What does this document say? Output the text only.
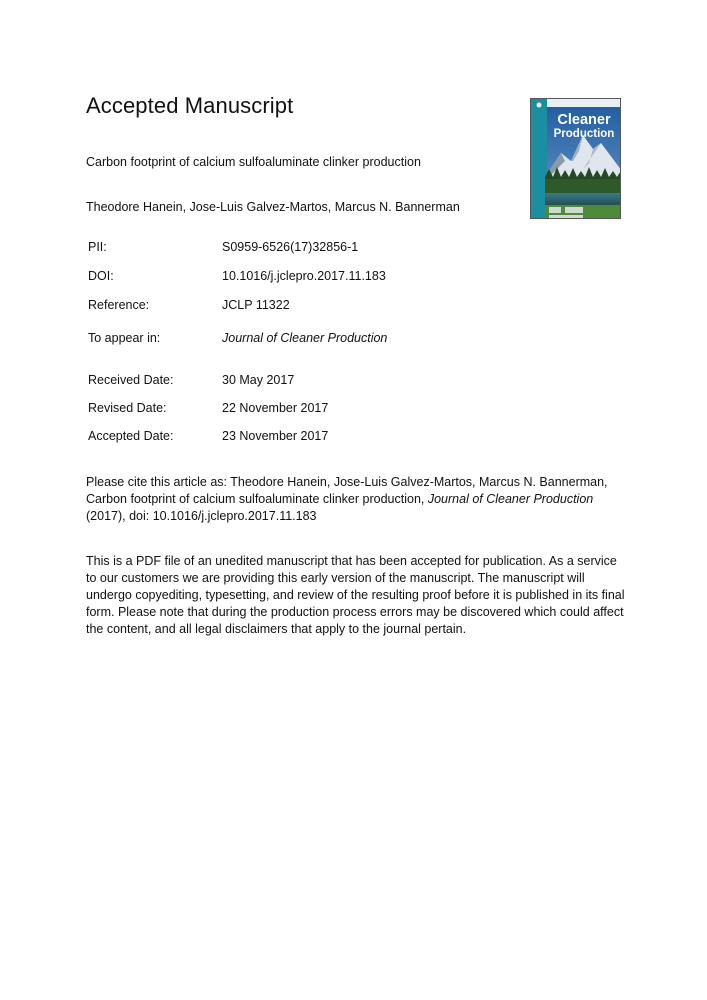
Accepted Manuscript
Carbon footprint of calcium sulfoaluminate clinker production
Theodore Hanein, Jose-Luis Galvez-Martos, Marcus N. Bannerman
PII:	S0959-6526(17)32856-1
DOI:	10.1016/j.jclepro.2017.11.183
Reference:	JCLP 11322
To appear in:	Journal of Cleaner Production
Received Date:	30 May 2017
Revised Date:	22 November 2017
Accepted Date:	23 November 2017
Please cite this article as: Theodore Hanein, Jose-Luis Galvez-Martos, Marcus N. Bannerman, Carbon footprint of calcium sulfoaluminate clinker production, Journal of Cleaner Production (2017), doi: 10.1016/j.jclepro.2017.11.183
This is a PDF file of an unedited manuscript that has been accepted for publication. As a service to our customers we are providing this early version of the manuscript. The manuscript will undergo copyediting, typesetting, and review of the resulting proof before it is published in its final form. Please note that during the production process errors may be discovered which could affect the content, and all legal disclaimers that apply to the journal pertain.
Cleaner
Production
